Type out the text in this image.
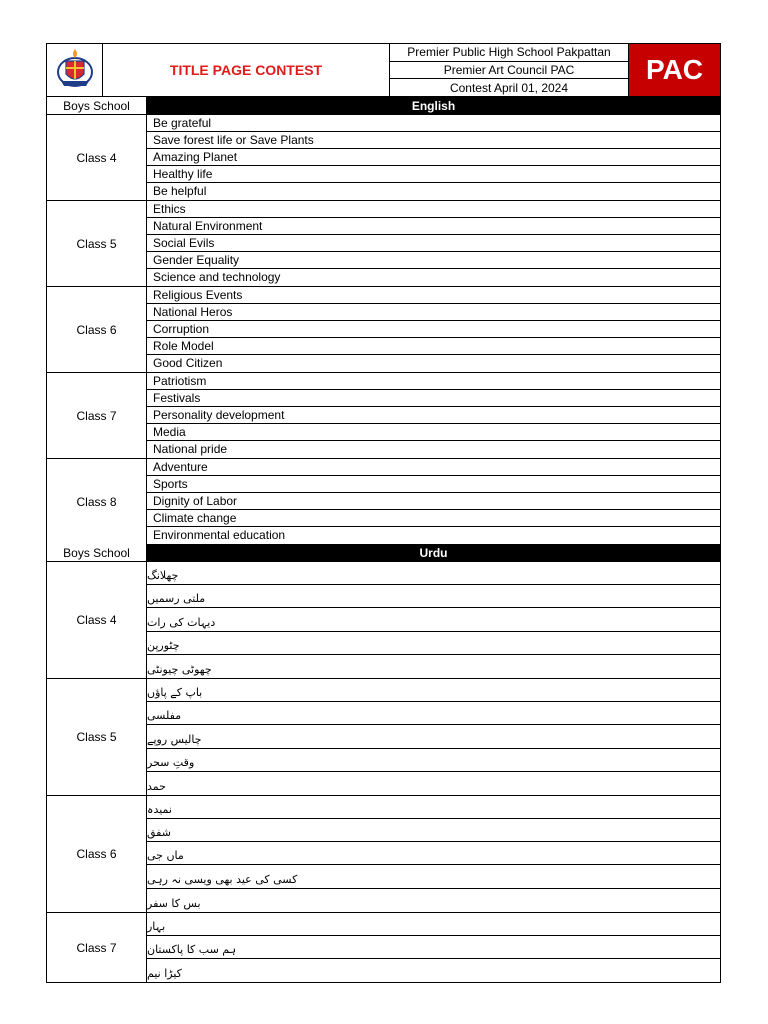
TITLE PAGE CONTEST
Premier Public High School Pakpattan
Premier Art Council PAC
Contest April 01, 2024
PAC
Boys School	English
Class 4
Be grateful
Save forest life or Save Plants
Amazing Planet
Healthy life
Be helpful
Class 5
Ethics
Natural Environment
Social Evils
Gender Equality
Science and technology
Class 6
Religious Events
National Heros
Corruption
Role Model
Good Citizen
Class 7
Patriotism
Festivals
Personality development
Media
National pride
Class 8
Adventure
Sports
Dignity of Labor
Climate change
Environmental education
Boys School	Urdu
Class 4
چھلانگ
ملتی رسمیں
دیہات کی رات
چٹورپن
چھوٹی چیونٹی
Class 5
باپ کے پاؤں
مفلسی
چالیس روپے
وقتِ سحر
حمد
Class 6
نمیدہ
شفق
ماں جی
کسی کی عید بھی ویسی نہ رہی
بس کا سفر
Class 7
بہار
ہم سب کا پاکستان
کیڑا نیم
